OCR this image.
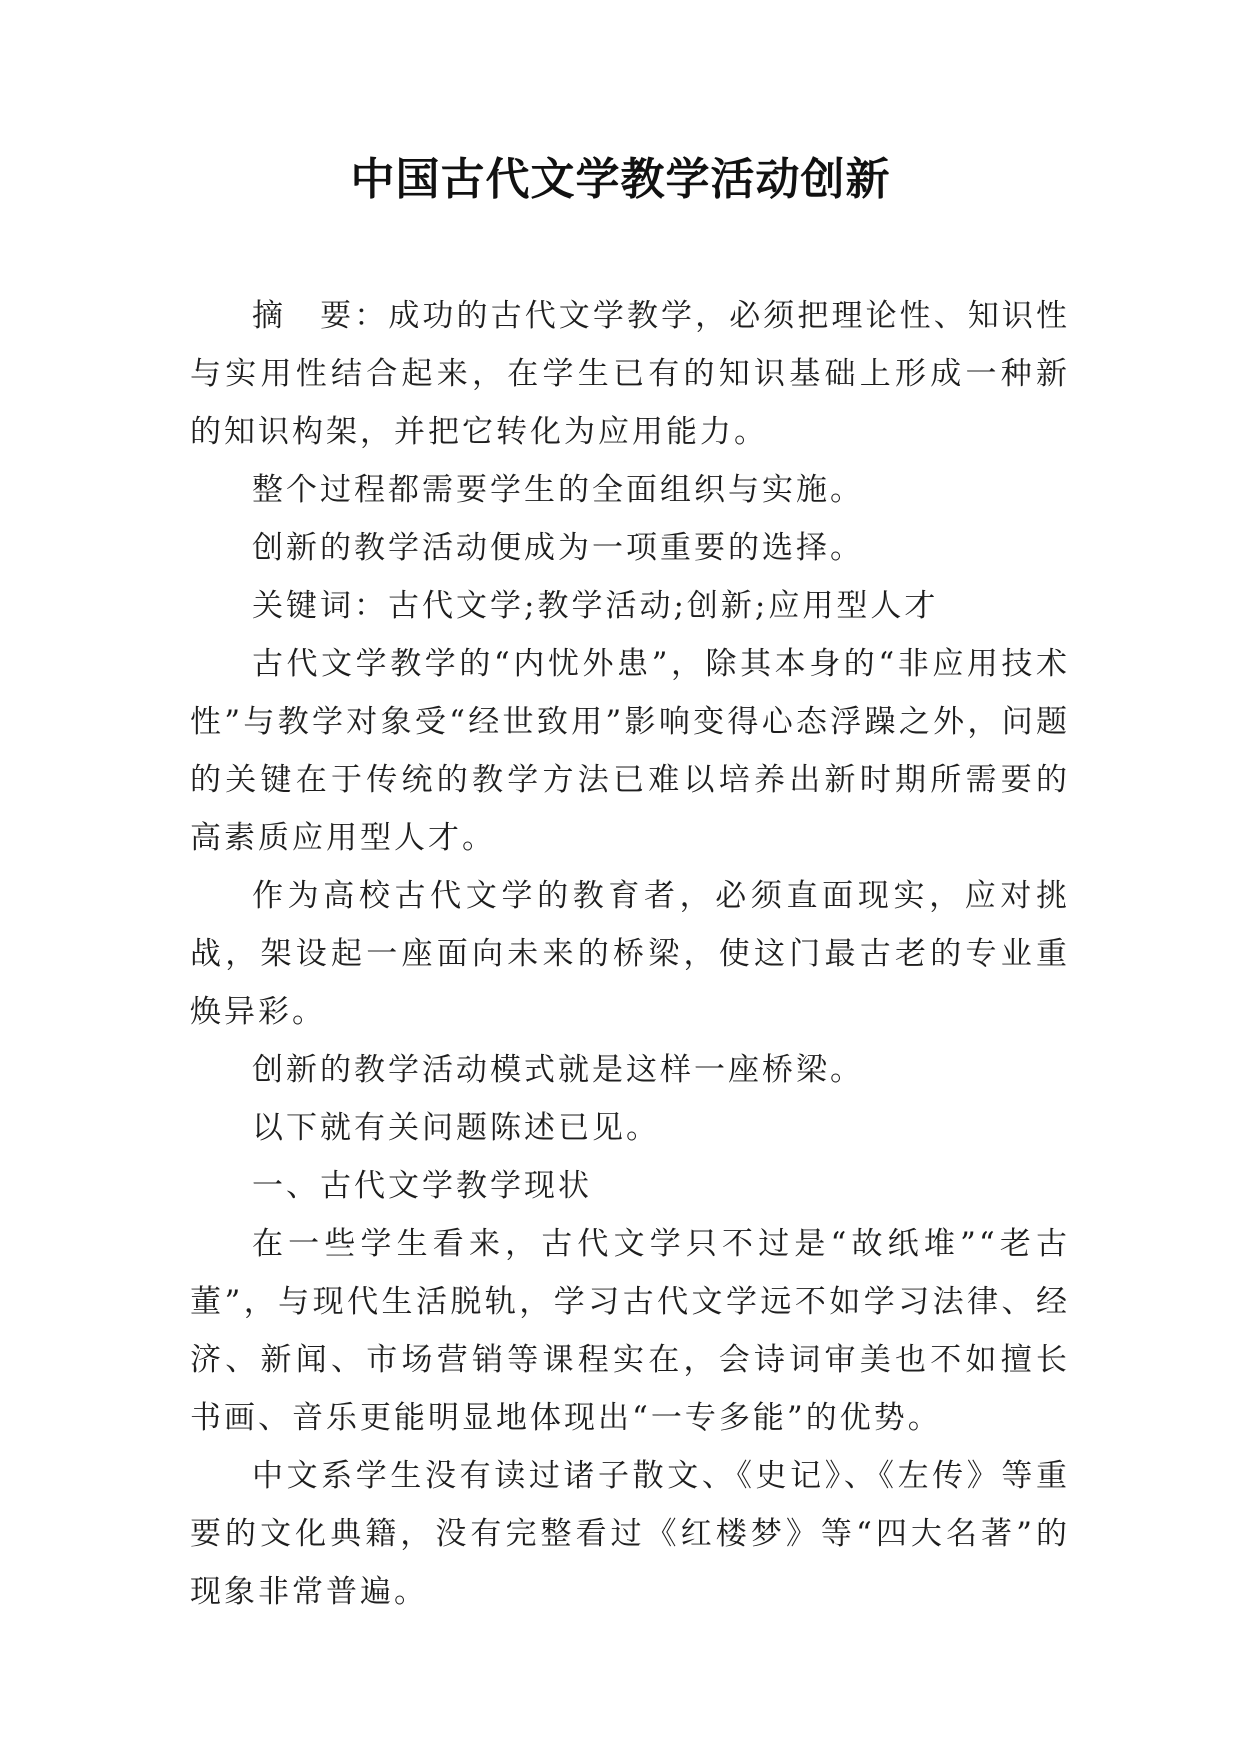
中国古代文学教学活动创新

摘　要：成功的古代文学教学，必须把理论性、知识性与实用性结合起来，在学生已有的知识基础上形成一种新的知识构架，并把它转化为应用能力。

整个过程都需要学生的全面组织与实施。

创新的教学活动便成为一项重要的选择。

关键词：古代文学;教学活动;创新;应用型人才

古代文学教学的“内忧外患”，除其本身的“非应用技术性”与教学对象受“经世致用”影响变得心态浮躁之外，问题的关键在于传统的教学方法已难以培养出新时期所需要的高素质应用型人才。

作为高校古代文学的教育者，必须直面现实，应对挑战，架设起一座面向未来的桥梁，使这门最古老的专业重焕异彩。

创新的教学活动模式就是这样一座桥梁。

以下就有关问题陈述已见。

一、古代文学教学现状

在一些学生看来，古代文学只不过是“故纸堆”“老古董”，与现代生活脱轨，学习古代文学远不如学习法律、经济、新闻、市场营销等课程实在，会诗词审美也不如擅长书画、音乐更能明显地体现出“一专多能”的优势。

中文系学生没有读过诸子散文、《史记》、《左传》等重要的文化典籍，没有完整看过《红楼梦》等“四大名著”的现象非常普遍。
